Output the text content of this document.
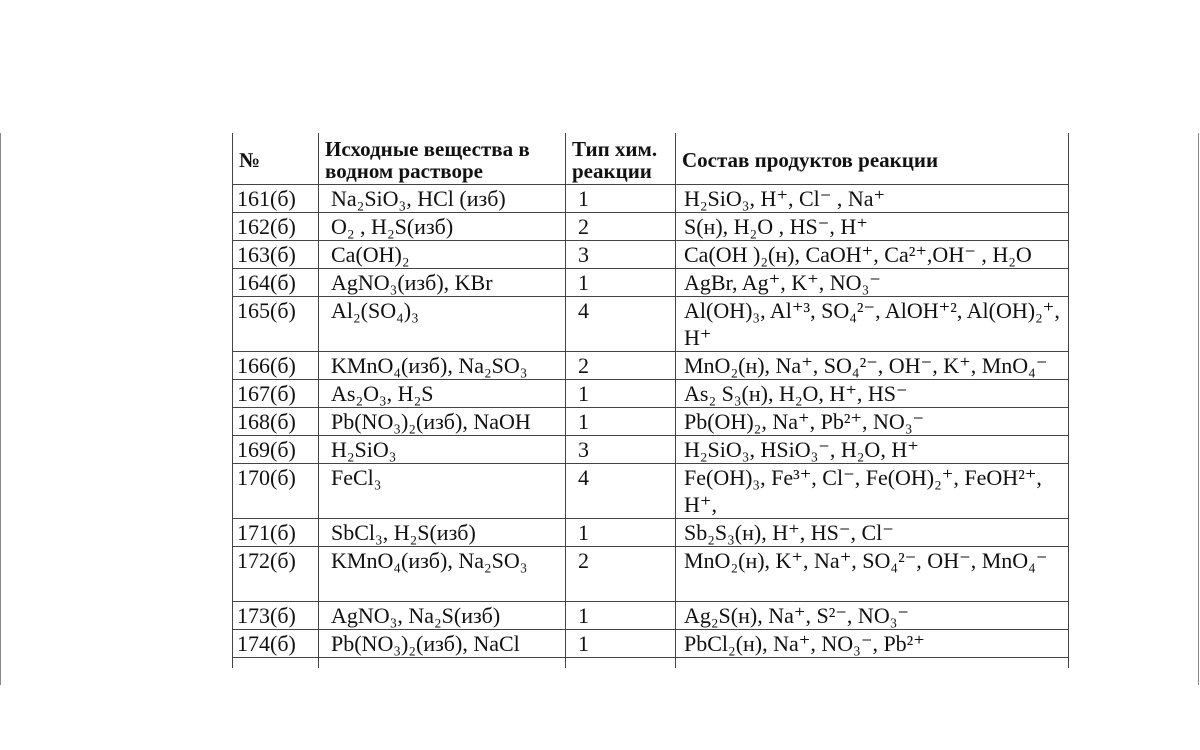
№	Исходные вещества в водном растворе	Тип хим. реакции	Состав продуктов реакции
161(б)	Na₂SiO₃, HCl (изб)	1	H₂SiO₃, H⁺, Cl⁻ , Na⁺
162(б)	O₂ , H₂S(изб)	2	S(н), H₂O , HS⁻, H⁺
163(б)	Ca(OH)₂	3	Ca(OH )₂(н), CaOH⁺, Ca²⁺,OH⁻ , H₂O
164(б)	AgNO₃(изб), KBr	1	AgBr, Ag⁺, K⁺, NO₃⁻
165(б)	Al₂(SO₄)₃	4	Al(OH)₃, Al⁺³, SO₄²⁻, AlOH⁺², Al(OH)₂⁺, H⁺
166(б)	KMnO₄(изб), Na₂SO₃	2	MnO₂(н), Na⁺, SO₄²⁻, OH⁻, K⁺, MnO₄⁻
167(б)	As₂O₃, H₂S	1	As₂ S₃(н), H₂O, H⁺, HS⁻
168(б)	Pb(NO₃)₂(изб), NaOH	1	Pb(OH)₂, Na⁺, Pb²⁺, NO₃⁻
169(б)	H₂SiO₃	3	H₂SiO₃, HSiO₃⁻, H₂O, H⁺
170(б)	FeCl₃	4	Fe(OH)₃, Fe³⁺, Cl⁻, Fe(OH)₂⁺, FeOH²⁺, H⁺,
171(б)	SbCl₃, H₂S(изб)	1	Sb₂S₃(н), H⁺, HS⁻, Cl⁻
172(б)	KMnO₄(изб), Na₂SO₃	2	MnO₂(н), K⁺, Na⁺, SO₄²⁻, OH⁻, MnO₄⁻
173(б)	AgNO₃, Na₂S(изб)	1	Ag₂S(н), Na⁺, S²⁻, NO₃⁻
174(б)	Pb(NO₃)₂(изб), NaCl	1	PbCl₂(н), Na⁺, NO₃⁻, Pb²⁺
